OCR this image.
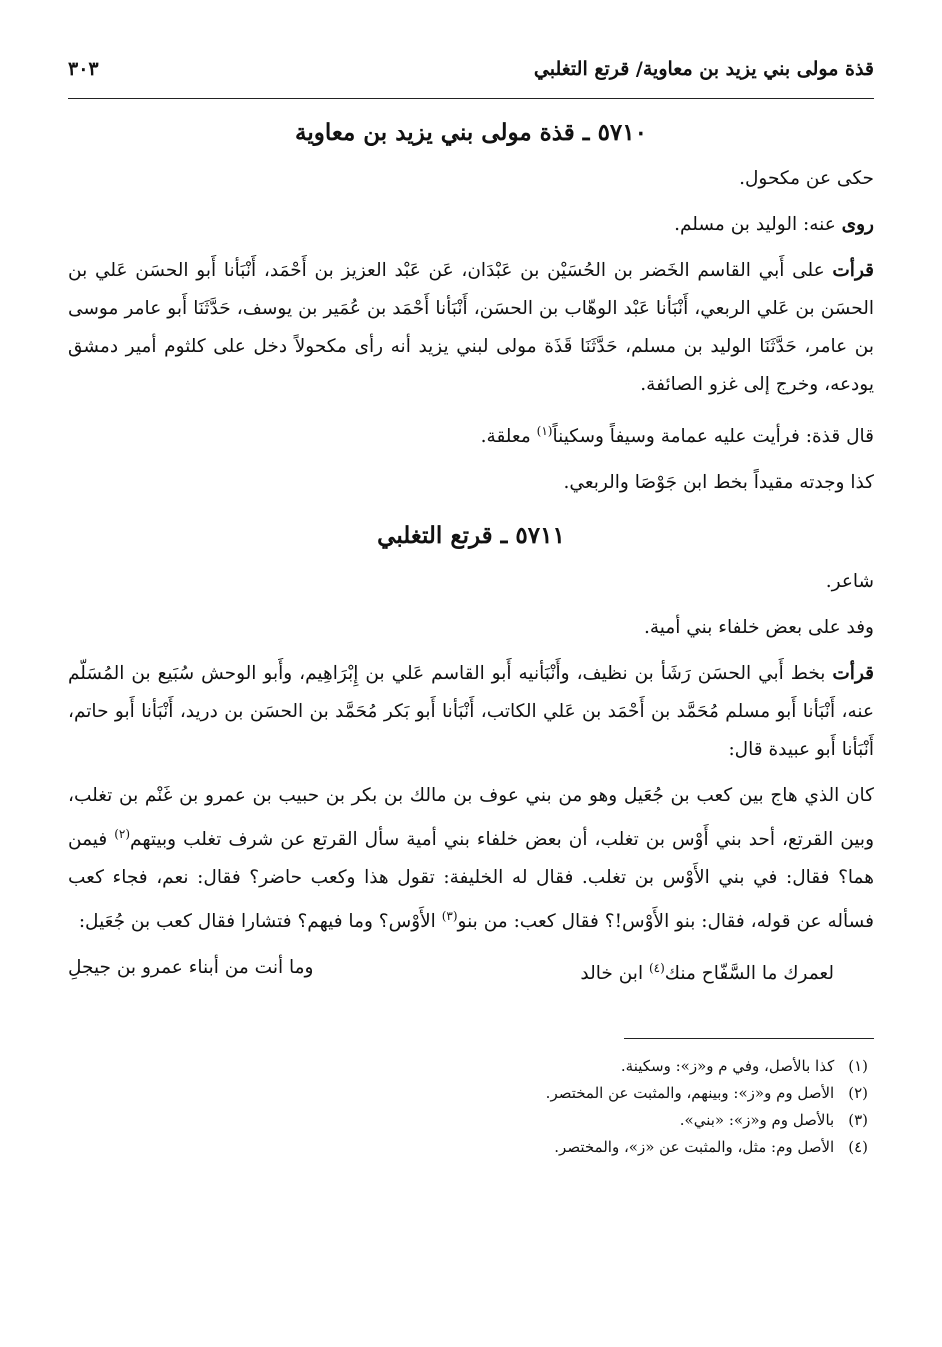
قذة مولى بني يزيد بن معاوية/ قرتع التغلبي
٣٠٣
٥٧١٠ ـ قذة مولى بني يزيد بن معاوية

حكى عن مكحول.

روى عنه: الوليد بن مسلم.

قرأت على أَبي القاسم الخَضر بن الحُسَيْن بن عَبْدَان، عَن عَبْد العزيز بن أَحْمَد، أَنْبَأنا أَبو الحسَن عَلي بن الحسَن بن عَلي الربعي، أَنْبَأنا عَبْد الوهّاب بن الحسَن، أَنْبَأنا أَحْمَد بن عُمَير بن يوسف، حَدَّثَنَا أَبو عامر موسى بن عامر، حَدَّثَنَا الوليد بن مسلم، حَدَّثَنَا قَذَة مولى لبني يزيد أنه رأى مكحولاً دخل على كلثوم أمير دمشق يودعه، وخرج إلى غزو الصائفة.

قال قذة: فرأيت عليه عمامة وسيفاً وسكيناً$^{(١)}$ معلقة.

كذا وجدته مقيداً بخط ابن جَوْصَا والربعي.

٥٧١١ ـ قرتع التغلبي

شاعر.

وفد على بعض خلفاء بني أمية.

قرأت بخط أَبي الحسَن رَشَأ بن نظيف، وأَنْبَأنيه أَبو القاسم عَلي بن إِبْرَاهِيم، وأَبو الوحش سُبَيع بن المُسَلّم عنه، أَنْبَأنا أَبو مسلم مُحَمَّد بن أَحْمَد بن عَلي الكاتب، أَنْبَأنا أَبو بَكر مُحَمَّد بن الحسَن بن دريد، أَنْبَأنا أَبو حاتم، أَنْبَأنا أَبو عبيدة قال:

كان الذي هاج بين كعب بن جُعَيل وهو من بني عوف بن مالك بن بكر بن حبيب بن عمرو بن غَنْم بن تغلب، وبين القرتع، أحد بني أَوْس بن تغلب، أن بعض خلفاء بني أمية سأل القرتع عن شرف تغلب وبيتهم$^{(٢)}$ فيمن هما؟ فقال: في بني الأَوْس بن تغلب. فقال له الخليفة: تقول هذا وكعب حاضر؟ فقال: نعم، فجاء كعب فسأله عن قوله، فقال: بنو الأَوْس!؟ فقال كعب: من بنو$^{(٣)}$ الأَوْس؟ وما فيهم؟ فتشارا فقال كعب بن جُعَيل:

لعمرك ما السَّفّاح منك$^{(٤)}$ ابن خالد
وما أنت من أبناء عمرو بن جيجلِ
(١)كذا بالأصل، وفي م و«ز»: وسكينة.
(٢)الأصل وم و«ز»: وبينهم، والمثبت عن المختصر.
(٣)بالأصل وم و«ز»: «بني».
(٤)الأصل وم: مثل، والمثبت عن «ز»، والمختصر.
